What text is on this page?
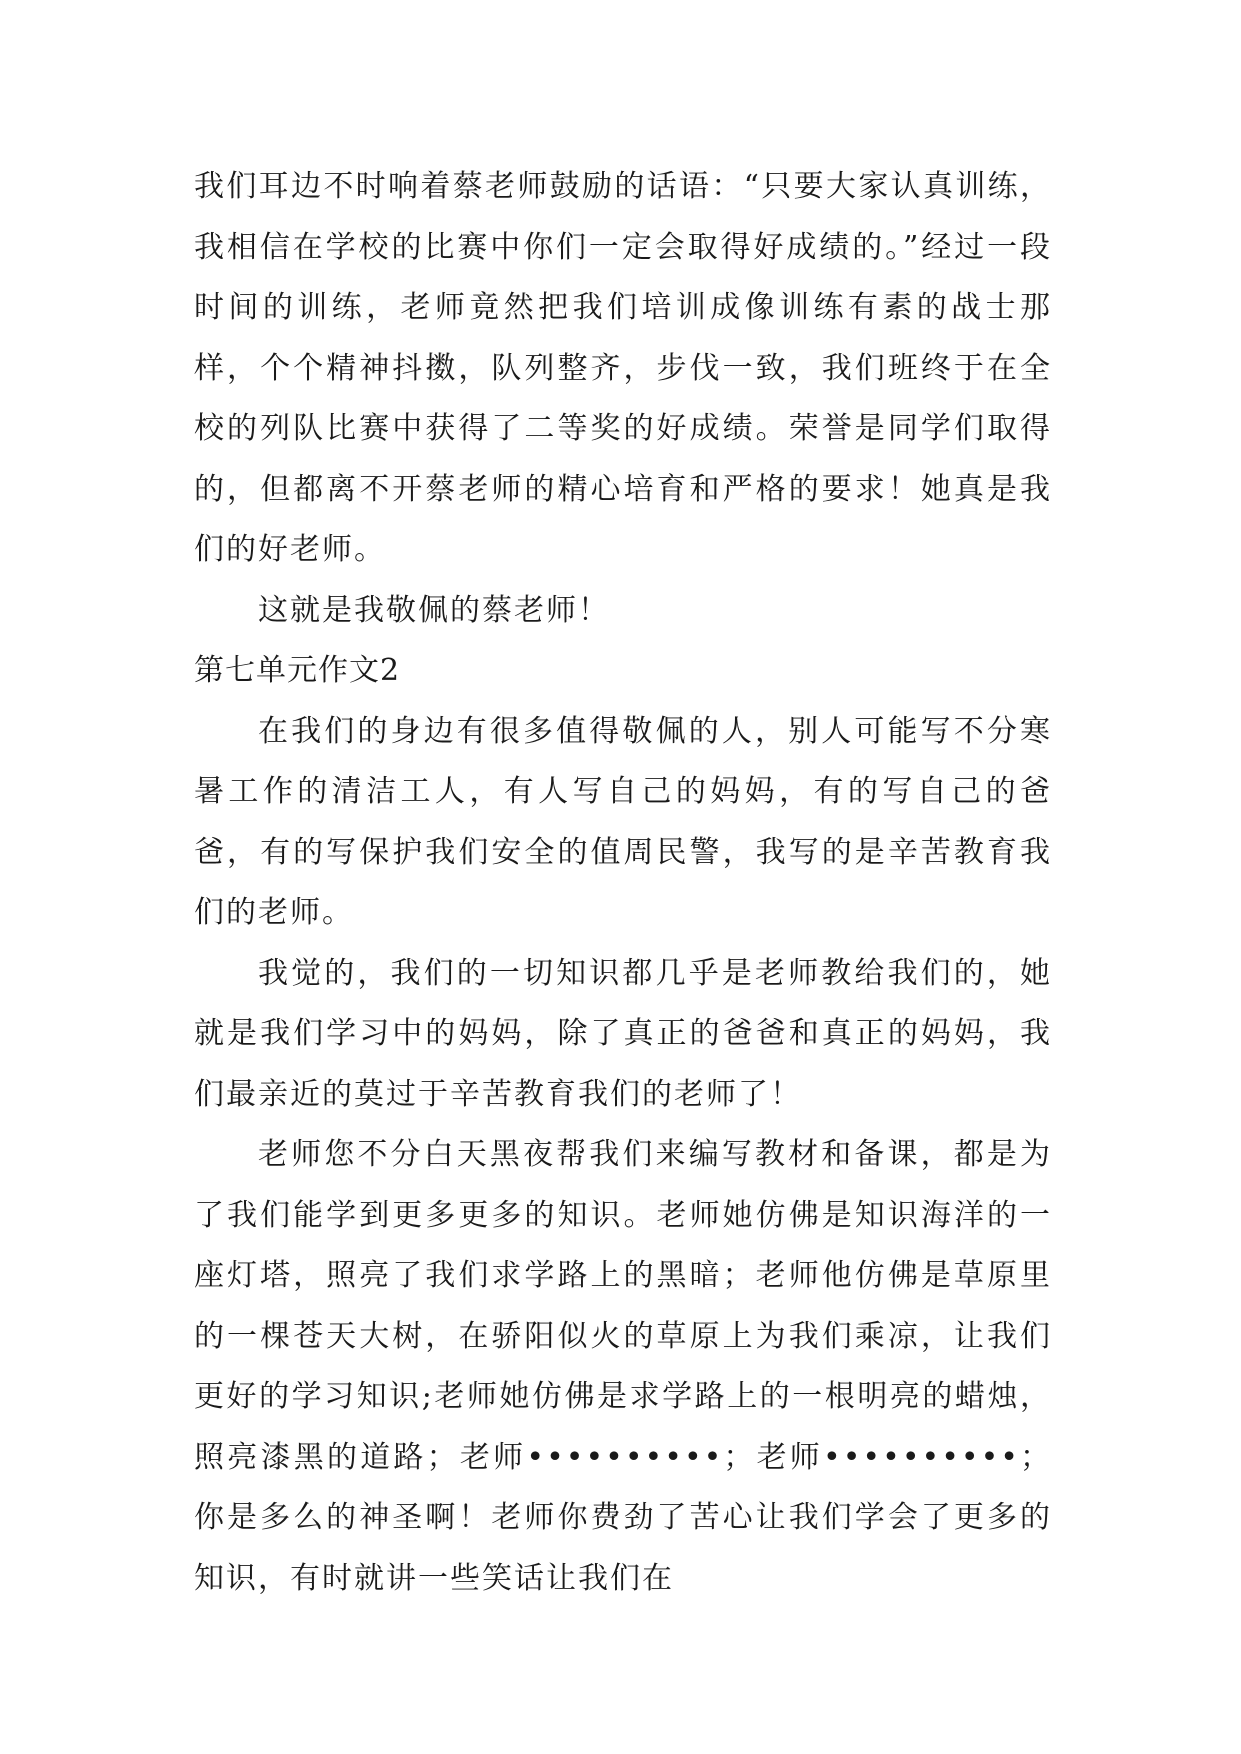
我们耳边不时响着蔡老师鼓励的话语：“只要大家认真训练，我相信在学校的比赛中你们一定会取得好成绩的。”经过一段时间的训练，老师竟然把我们培训成像训练有素的战士那样，个个精神抖擞，队列整齐，步伐一致，我们班终于在全校的列队比赛中获得了二等奖的好成绩。荣誉是同学们取得的，但都离不开蔡老师的精心培育和严格的要求！她真是我们的好老师。

这就是我敬佩的蔡老师！

第七单元作文2

在我们的身边有很多值得敬佩的人，别人可能写不分寒暑工作的清洁工人，有人写自己的妈妈，有的写自己的爸爸，有的写保护我们安全的值周民警，我写的是辛苦教育我们的老师。

我觉的，我们的一切知识都几乎是老师教给我们的，她就是我们学习中的妈妈，除了真正的爸爸和真正的妈妈，我们最亲近的莫过于辛苦教育我们的老师了！

老师您不分白天黑夜帮我们来编写教材和备课，都是为了我们能学到更多更多的知识。老师她仿佛是知识海洋的一座灯塔，照亮了我们求学路上的黑暗；老师他仿佛是草原里的一棵苍天大树，在骄阳似火的草原上为我们乘凉，让我们更好的学习知识;老师她仿佛是求学路上的一根明亮的蜡烛，照亮漆黑的道路；老师••••••••••；老师••••••••••；你是多么的神圣啊！老师你费劲了苦心让我们学会了更多的知识，有时就讲一些笑话让我们在
